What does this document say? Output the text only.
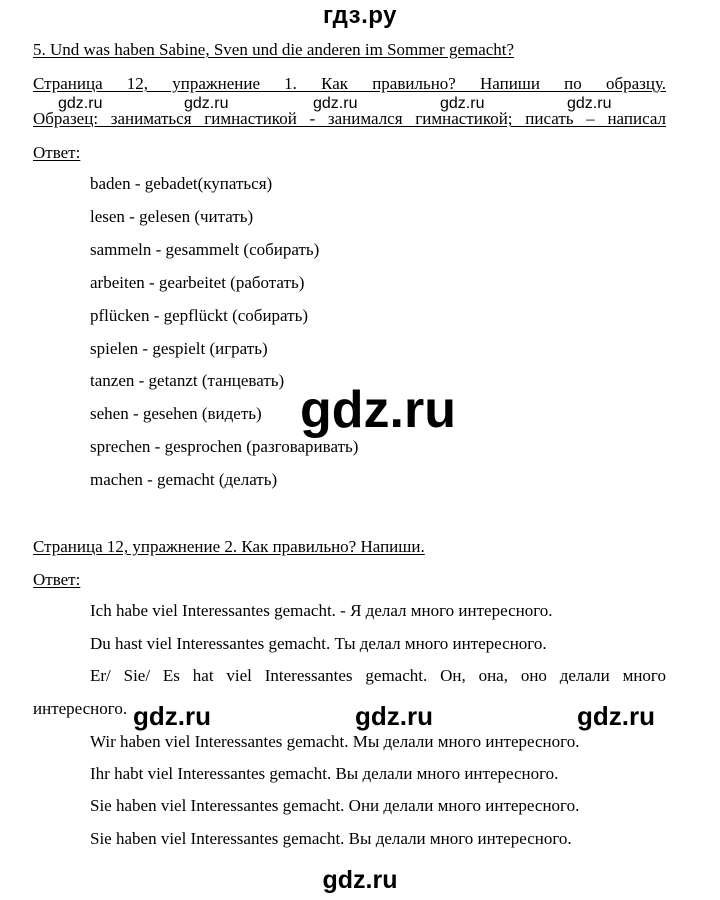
гдз.ру
5. Und was haben Sabine, Sven und die anderen im Sommer gemacht?
Страница 12, упражнение 1. Как правильно? Напиши по образцу.
gdz.ru	gdz.ru	gdz.ru	gdz.ru	gdz.ru
Образец: заниматься гимнастикой - занимался гимнастикой; писать – написал
Ответ:
baden - gebadet(купаться)
lesen - gelesen (читать)
sammeln - gesammelt (собирать)
arbeiten - gearbeitet (работать)
pflücken - gepflückt (собирать)
spielen - gespielt (играть)
tanzen - getanzt (танцевать)
sehen - gesehen (видеть)
sprechen - gesprochen (разговаривать)
machen - gemacht (делать)
gdz.ru
Страница 12, упражнение 2. Как правильно? Напиши.
Ответ:
Ich habe viel Interessantes gemacht. - Я делал много интересного.
Du hast viel Interessantes gemacht. Ты делал много интересного.
Er/ Sie/ Es hat viel Interessantes gemacht. Он, она, оно делали много
интересного. gdz.ru	gdz.ru	gdz.ru
Wir haben viel Interessantes gemacht. Мы делали много интересного.
Ihr habt viel Interessantes gemacht. Вы делали много интересного.
Sie haben viel Interessantes gemacht. Они делали много интересного.
Sie haben viel Interessantes gemacht. Вы делали много интересного.
gdz.ru
